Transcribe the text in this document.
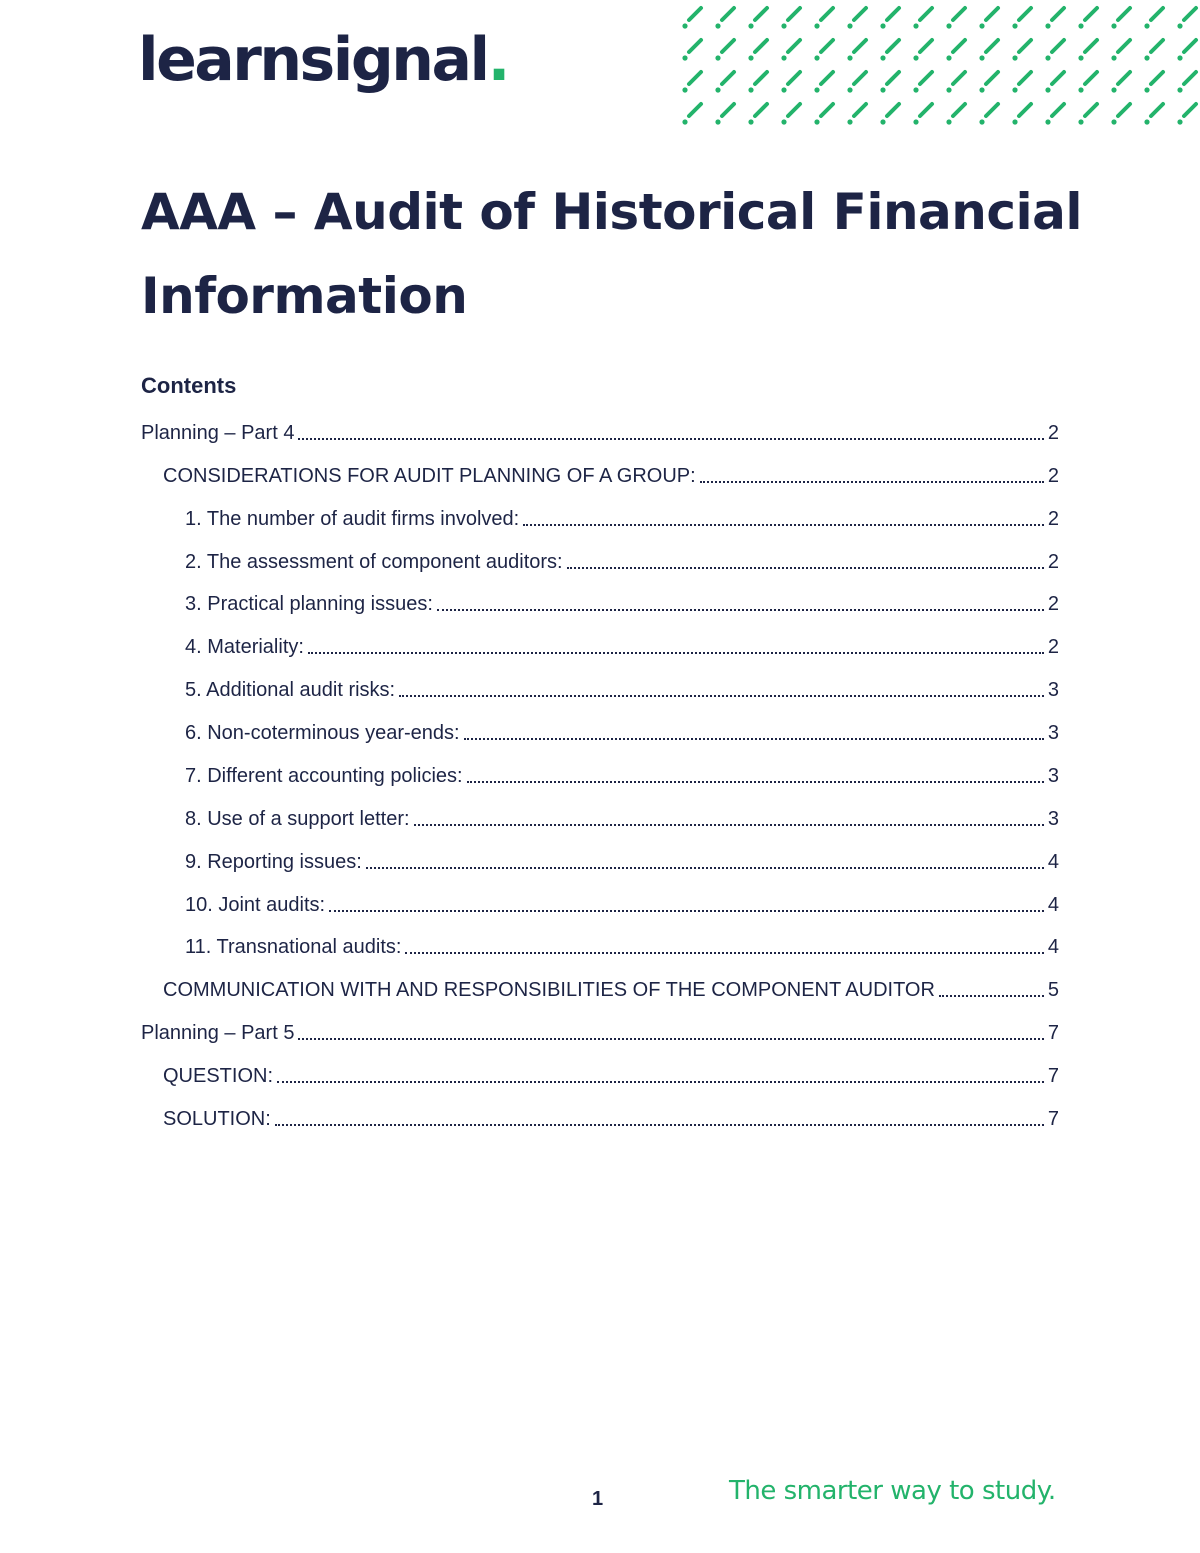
learnsignal.
AAA – Audit of Historical Financial Information
Contents
Planning – Part 4	2
CONSIDERATIONS FOR AUDIT PLANNING OF A GROUP:	2
1. The number of audit firms involved:	2
2. The assessment of component auditors:	2
3. Practical planning issues:	2
4. Materiality:	2
5. Additional audit risks:	3
6. Non-coterminous year-ends:	3
7. Different accounting policies:	3
8. Use of a support letter:	3
9. Reporting issues:	4
10. Joint audits:	4
11. Transnational audits:	4
COMMUNICATION WITH AND RESPONSIBILITIES OF THE COMPONENT AUDITOR	5
Planning – Part 5	7
QUESTION:	7
SOLUTION:	7
1	The smarter way to study.
